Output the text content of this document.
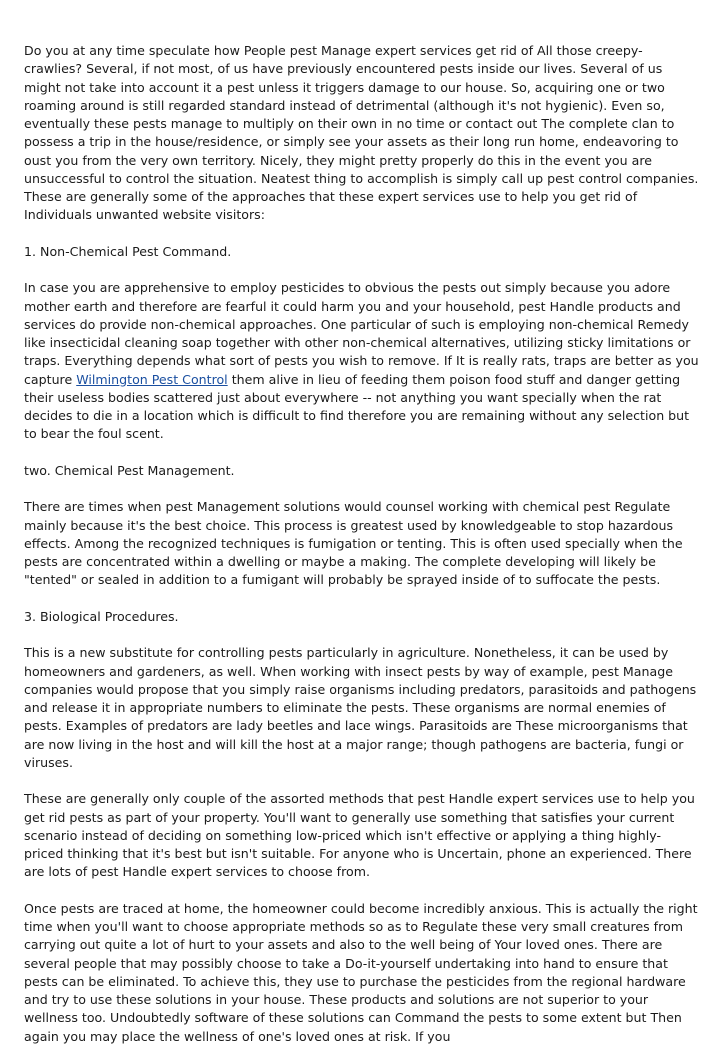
Do you at any time speculate how People pest Manage expert services get rid of All those creepy-crawlies? Several, if not most, of us have previously encountered pests inside our lives. Several of us might not take into account it a pest unless it triggers damage to our house. So, acquiring one or two roaming around is still regarded standard instead of detrimental (although it's not hygienic). Even so, eventually these pests manage to multiply on their own in no time or contact out The complete clan to possess a trip in the house/residence, or simply see your assets as their long run home, endeavoring to oust you from the very own territory. Nicely, they might pretty properly do this in the event you are unsuccessful to control the situation. Neatest thing to accomplish is simply call up pest control companies. These are generally some of the approaches that these expert services use to help you get rid of Individuals unwanted website visitors:

1. Non-Chemical Pest Command.

In case you are apprehensive to employ pesticides to obvious the pests out simply because you adore mother earth and therefore are fearful it could harm you and your household, pest Handle products and services do provide non-chemical approaches. One particular of such is employing non-chemical Remedy like insecticidal cleaning soap together with other non-chemical alternatives, utilizing sticky limitations or traps. Everything depends what sort of pests you wish to remove. If It is really rats, traps are better as you capture Wilmington Pest Control them alive in lieu of feeding them poison food stuff and danger getting their useless bodies scattered just about everywhere -- not anything you want specially when the rat decides to die in a location which is difficult to find therefore you are remaining without any selection but to bear the foul scent.

two. Chemical Pest Management.

There are times when pest Management solutions would counsel working with chemical pest Regulate mainly because it's the best choice. This process is greatest used by knowledgeable to stop hazardous effects. Among the recognized techniques is fumigation or tenting. This is often used specially when the pests are concentrated within a dwelling or maybe a making. The complete developing will likely be "tented" or sealed in addition to a fumigant will probably be sprayed inside of to suffocate the pests.

3. Biological Procedures.

This is a new substitute for controlling pests particularly in agriculture. Nonetheless, it can be used by homeowners and gardeners, as well. When working with insect pests by way of example, pest Manage companies would propose that you simply raise organisms including predators, parasitoids and pathogens and release it in appropriate numbers to eliminate the pests. These organisms are normal enemies of pests. Examples of predators are lady beetles and lace wings. Parasitoids are These microorganisms that are now living in the host and will kill the host at a major range; though pathogens are bacteria, fungi or viruses.

These are generally only couple of the assorted methods that pest Handle expert services use to help you get rid pests as part of your property. You'll want to generally use something that satisfies your current scenario instead of deciding on something low-priced which isn't effective or applying a thing highly-priced thinking that it's best but isn't suitable. For anyone who is Uncertain, phone an experienced. There are lots of pest Handle expert services to choose from.

Once pests are traced at home, the homeowner could become incredibly anxious. This is actually the right time when you'll want to choose appropriate methods so as to Regulate these very small creatures from carrying out quite a lot of hurt to your assets and also to the well being of Your loved ones. There are several people that may possibly choose to take a Do-it-yourself undertaking into hand to ensure that pests can be eliminated. To achieve this, they use to purchase the pesticides from the regional hardware and try to use these solutions in your house. These products and solutions are not superior to your wellness too. Undoubtedly software of these solutions can Command the pests to some extent but Then again you may place the wellness of one's loved ones at risk. If you
